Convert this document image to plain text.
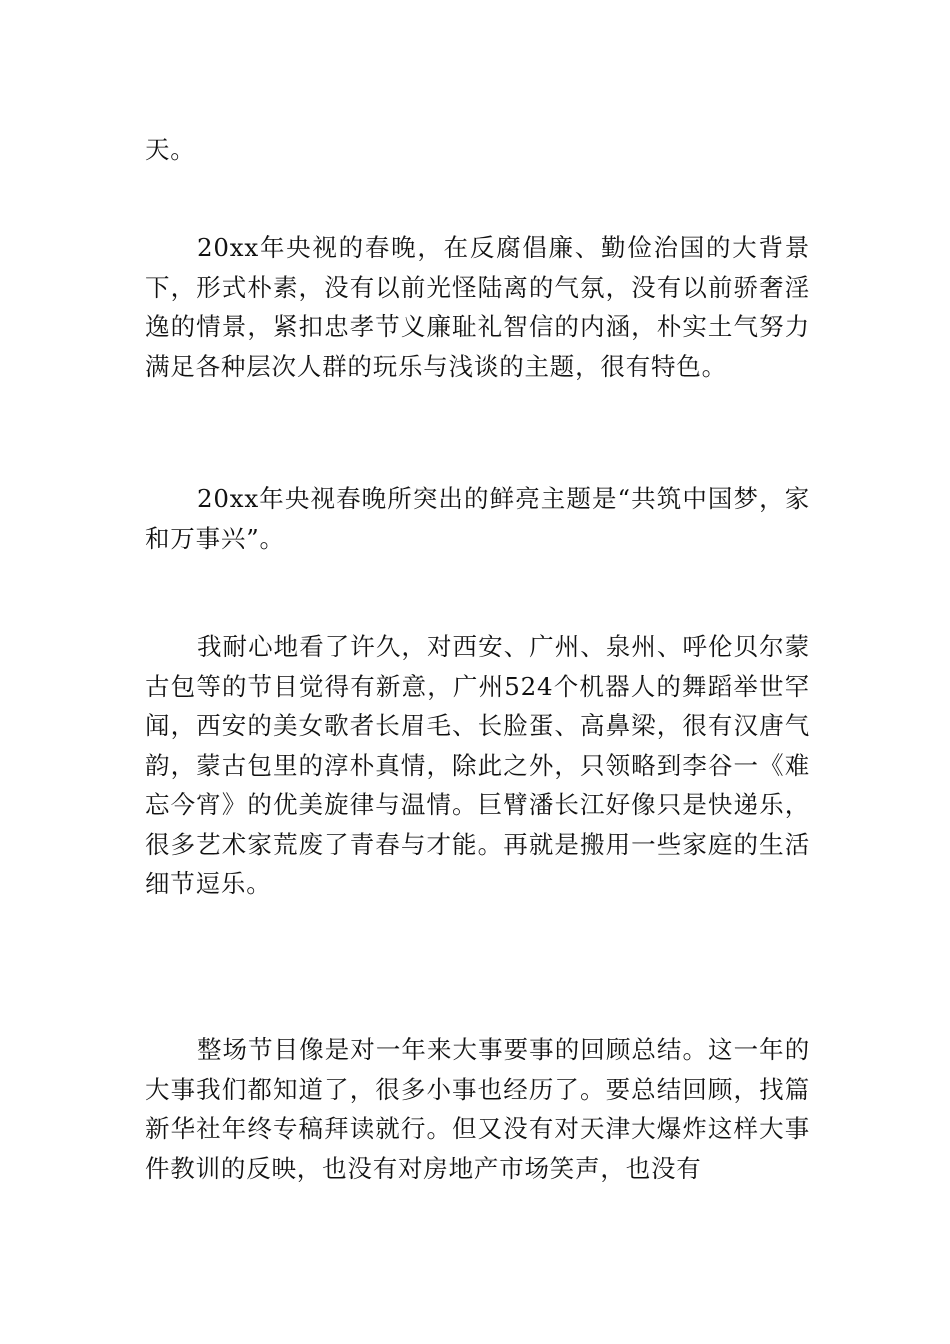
天。

20xx年央视的春晚，在反腐倡廉、勤俭治国的大背景下，形式朴素，没有以前光怪陆离的气氛，没有以前骄奢淫逸的情景，紧扣忠孝节义廉耻礼智信的内涵，朴实土气努力满足各种层次人群的玩乐与浅谈的主题，很有特色。

20xx年央视春晚所突出的鲜亮主题是“共筑中国梦，家和万事兴”。

我耐心地看了许久，对西安、广州、泉州、呼伦贝尔蒙古包等的节目觉得有新意，广州524个机器人的舞蹈举世罕闻，西安的美女歌者长眉毛、长脸蛋、高鼻梁，很有汉唐气韵，蒙古包里的淳朴真情，除此之外，只领略到李谷一《难忘今宵》的优美旋律与温情。巨臂潘长江好像只是快递乐，很多艺术家荒废了青春与才能。再就是搬用一些家庭的生活细节逗乐。

整场节目像是对一年来大事要事的回顾总结。这一年的大事我们都知道了，很多小事也经历了。要总结回顾，找篇新华社年终专稿拜读就行。但又没有对天津大爆炸这样大事件教训的反映，也没有对房地产市场笑声，也没有
